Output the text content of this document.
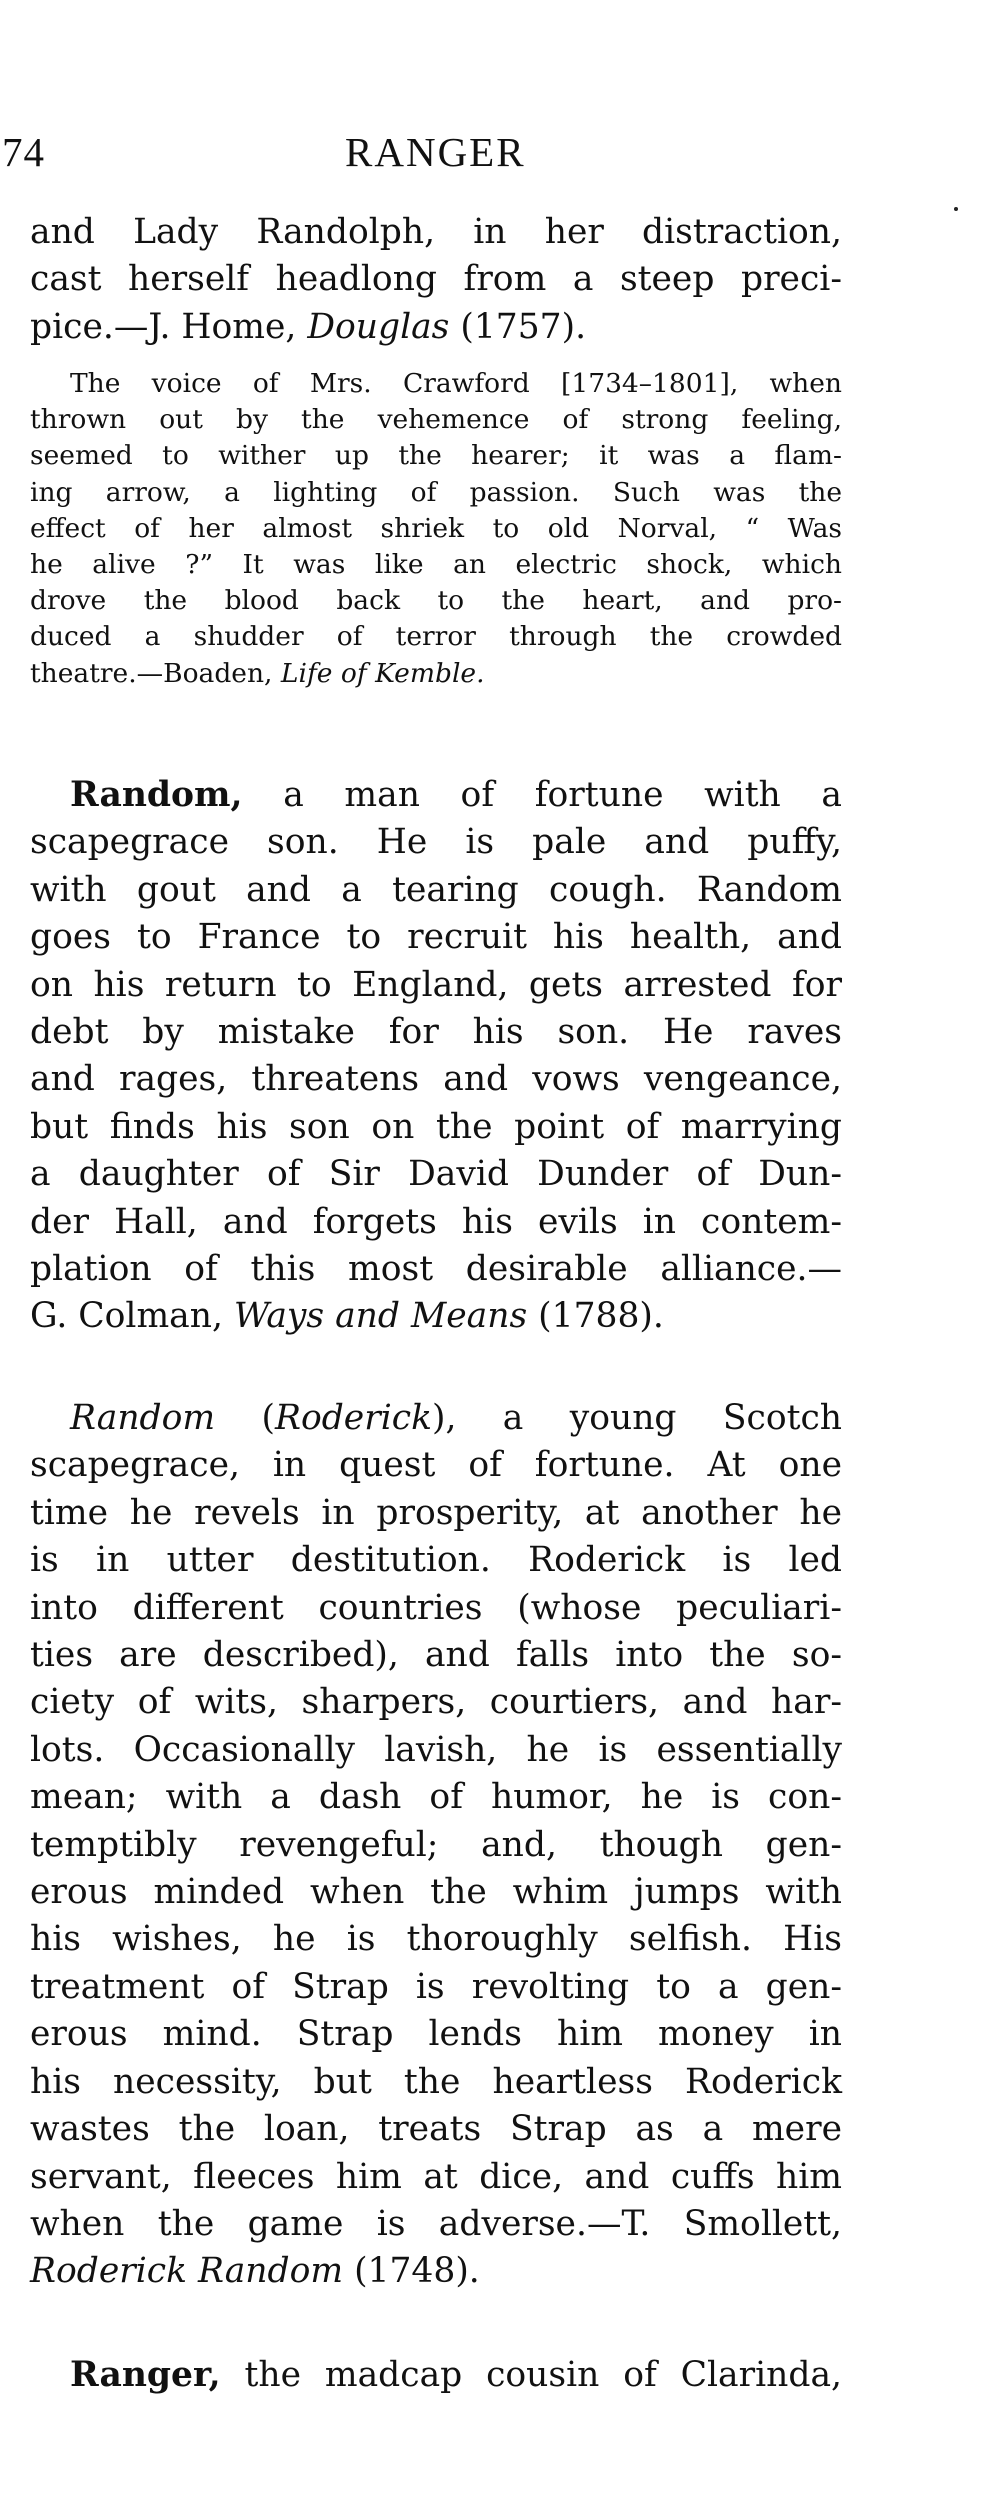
74	RANGER
and Lady Randolph, in her distraction,
cast herself headlong from a steep preci-
pice.—J. Home, Douglas (1757).
The voice of Mrs. Crawford [1734–1801], when
thrown out by the vehemence of strong feeling,
seemed to wither up the hearer; it was a flam-
ing arrow, a lighting of passion. Such was the
effect of her almost shriek to old Norval, “ Was
he alive ?” It was like an electric shock, which
drove the blood back to the heart, and pro-
duced a shudder of terror through the crowded
theatre.—Boaden, Life of Kemble.
Random, a man of fortune with a
scapegrace son. He is pale and puffy,
with gout and a tearing cough. Random
goes to France to recruit his health, and
on his return to England, gets arrested for
debt by mistake for his son. He raves
and rages, threatens and vows vengeance,
but finds his son on the point of marrying
a daughter of Sir David Dunder of Dun-
der Hall, and forgets his evils in contem-
plation of this most desirable alliance.—
G. Colman, Ways and Means (1788).
Random (Roderick), a young Scotch
scapegrace, in quest of fortune. At one
time he revels in prosperity, at another he
is in utter destitution. Roderick is led
into different countries (whose peculiari-
ties are described), and falls into the so-
ciety of wits, sharpers, courtiers, and har-
lots. Occasionally lavish, he is essentially
mean; with a dash of humor, he is con-
temptibly revengeful; and, though gen-
erous minded when the whim jumps with
his wishes, he is thoroughly selfish. His
treatment of Strap is revolting to a gen-
erous mind. Strap lends him money in
his necessity, but the heartless Roderick
wastes the loan, treats Strap as a mere
servant, fleeces him at dice, and cuffs him
when the game is adverse.—T. Smollett,
Roderick Random (1748).
Ranger, the madcap cousin of Clarinda,
